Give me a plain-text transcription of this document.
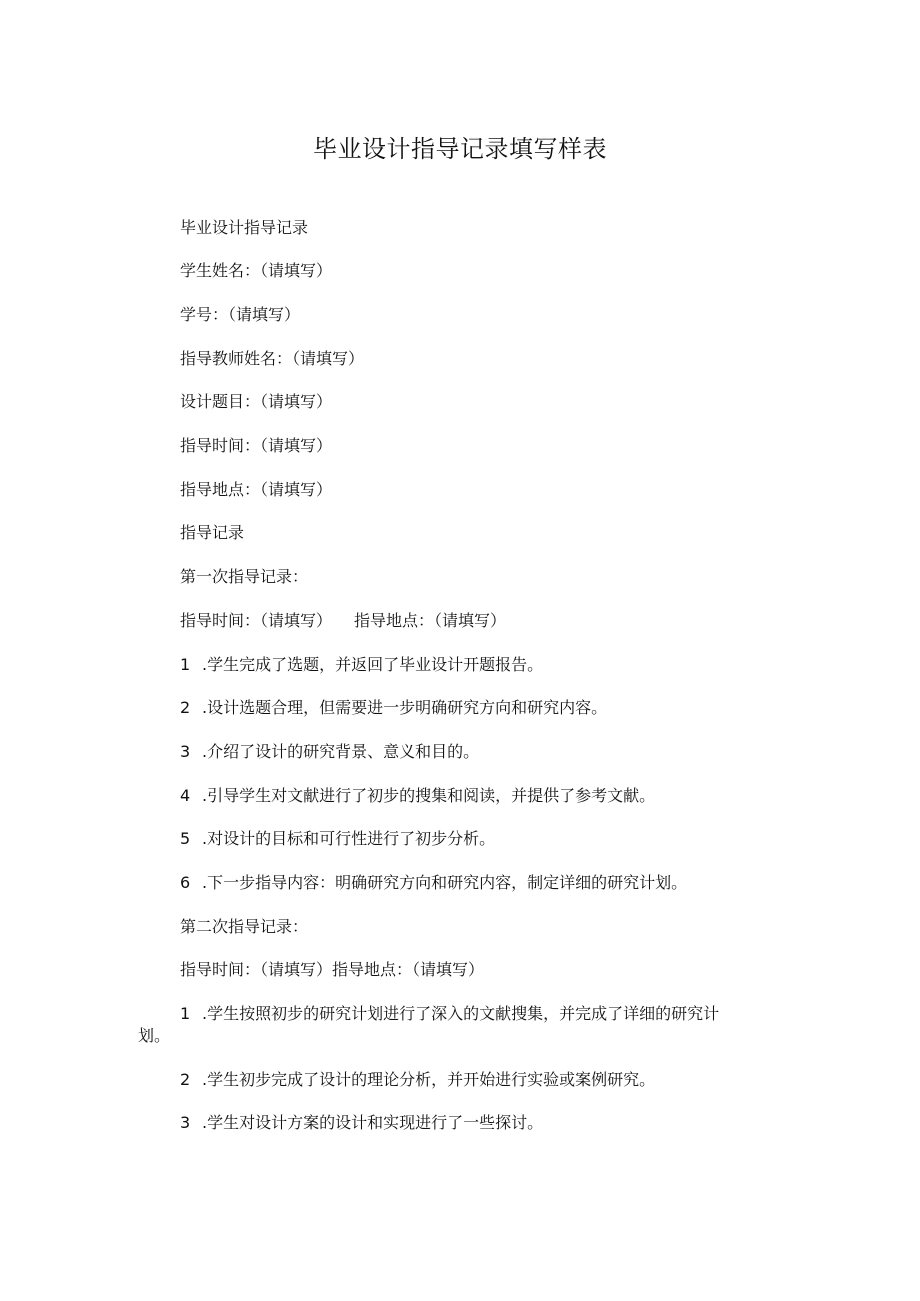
毕业设计指导记录填写样表
毕业设计指导记录
学生姓名：（请填写）
学号：（请填写）
指导教师姓名：（请填写）
设计题目：（请填写）
指导时间：（请填写）
指导地点：（请填写）
指导记录
第一次指导记录：
指导时间：（请填写） 指导地点：（请填写）
1 .学生完成了选题，并返回了毕业设计开题报告。
2 .设计选题合理，但需要进一步明确研究方向和研究内容。
3 .介绍了设计的研究背景、意义和目的。
4 .引导学生对文献进行了初步的搜集和阅读，并提供了参考文献。
5 .对设计的目标和可行性进行了初步分析。
6 .下一步指导内容：明确研究方向和研究内容，制定详细的研究计划。
第二次指导记录：
指导时间：（请填写）指导地点：（请填写）
1 .学生按照初步的研究计划进行了深入的文献搜集，并完成了详细的研究计
划。
2 .学生初步完成了设计的理论分析，并开始进行实验或案例研究。
3 .学生对设计方案的设计和实现进行了一些探讨。
